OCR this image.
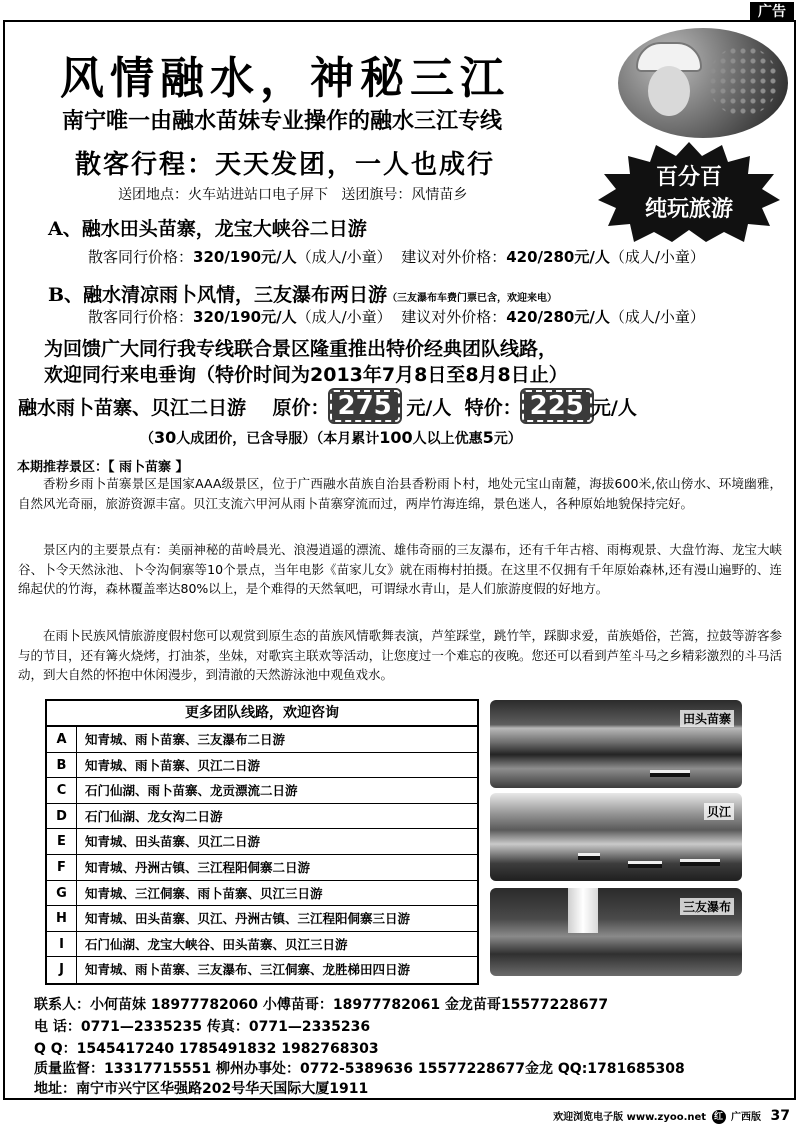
广告
风情融水，神秘三江
南宁唯一由融水苗妹专业操作的融水三江专线
散客行程：天天发团，一人也成行	百分百
纯玩旅游
送团地点：火车站进站口电子屏下 送团旗号：风情苗乡
A、融水田头苗寨，龙宝大峡谷二日游
散客同行价格：320/190元/人（成人/小童） 建议对外价格：420/280元/人（成人/小童）
B、融水清凉雨卜风情，三友瀑布两日游（三友瀑布车费门票已含，欢迎来电）
散客同行价格：320/190元/人（成人/小童） 建议对外价格：420/280元/人（成人/小童）
为回馈广大同行我专线联合景区隆重推出特价经典团队线路，
欢迎同行来电垂询（特价时间为2013年7月8日至8月8日止）
融水雨卜苗寨、贝江二日游 原价： 275 元/人 特价： 225 元/人
（30人成团价，已含导服）（本月累计100人以上优惠5元）
本期推荐景区：【 雨卜苗寨 】

香粉乡雨卜苗寨景区是国家AAA级景区，位于广西融水苗族自治县香粉雨卜村，地处元宝山南麓，海拔600米,依山傍水、环境幽雅，自然风光奇丽，旅游资源丰富。贝江支流六甲河从雨卜苗寨穿流而过，两岸竹海连绵，景色迷人，各种原始地貌保持完好。

景区内的主要景点有：美丽神秘的苗岭晨光、浪漫逍遥的漂流、雄伟奇丽的三友瀑布，还有千年古榕、雨梅观景、大盘竹海、龙宝大峡谷、卜令天然泳池、卜令沟侗寨等10个景点，当年电影《苗家儿女》就在雨梅村拍摄。在这里不仅拥有千年原始森林,还有漫山遍野的、连绵起伏的竹海，森林覆盖率达80%以上，是个难得的天然氧吧，可谓绿水青山，是人们旅游度假的好地方。

在雨卜民族风情旅游度假村您可以观赏到原生态的苗族风情歌舞表演，芦笙踩堂，跳竹竿，踩脚求爱，苗族婚俗，芒篙，拉鼓等游客参与的节目，还有篝火烧烤，打油茶，坐妹，对歌宾主联欢等活动，让您度过一个难忘的夜晚。您还可以看到芦笙斗马之乡精彩激烈的斗马活动，到大自然的怀抱中休闲漫步，到清澈的天然游泳池中观鱼戏水。

更多团队线路，欢迎咨询
A	知青城、雨卜苗寨、三友瀑布二日游
B	知青城、雨卜苗寨、贝江二日游
C	石门仙湖、雨卜苗寨、龙贡漂流二日游
D	石门仙湖、龙女沟二日游
E	知青城、田头苗寨、贝江二日游
F	知青城、丹洲古镇、三江程阳侗寨二日游
G	知青城、三江侗寨、雨卜苗寨、贝江三日游
H	知青城、田头苗寨、贝江、丹洲古镇、三江程阳侗寨三日游
I	石门仙湖、龙宝大峡谷、田头苗寨、贝江三日游
J	知青城、雨卜苗寨、三友瀑布、三江侗寨、龙胜梯田四日游
田头苗寨
贝江
三友瀑布
联系人：小何苗妹 18977782060 小傅苗哥：18977782061 金龙苗哥15577228677
电 话：0771—2335235 传真：0771—2335236
Q Q：1545417240 1785491832 1982768303
质量监督：13317715551 柳州办事处：0772-5389636 15577228677金龙 QQ:1781685308
地址：南宁市兴宁区华强路202号华天国际大厦1911
欢迎浏览电子版 www.zyoo.net 红 广西版 37
